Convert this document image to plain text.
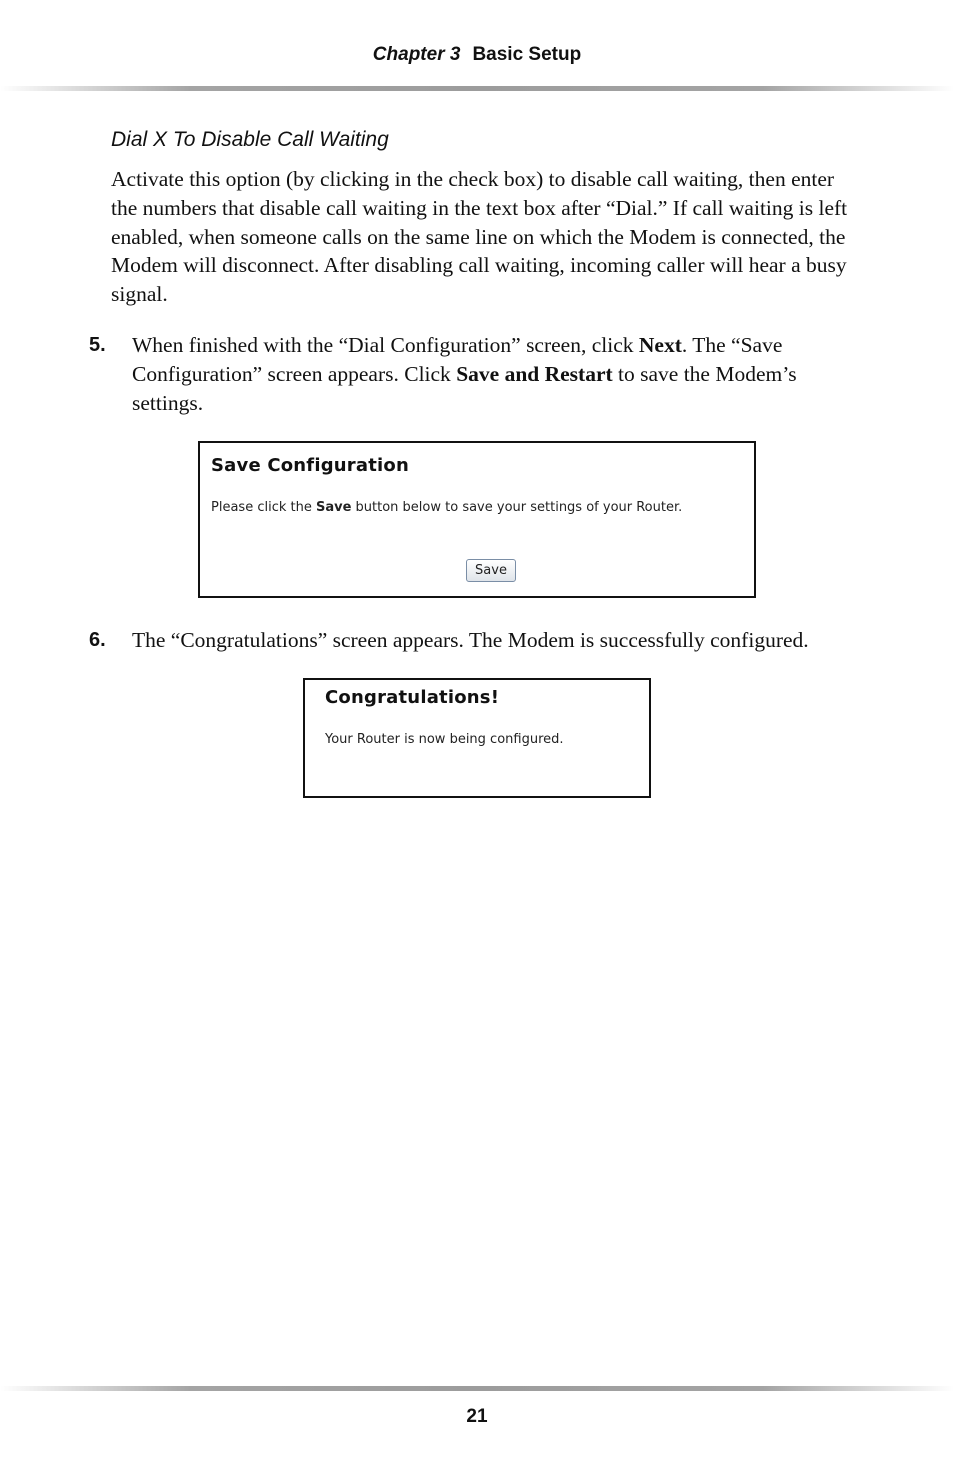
Chapter 3 Basic Setup
Dial X To Disable Call Waiting
Activate this option (by clicking in the check box) to disable call waiting, then enter the numbers that disable call waiting in the text box after “Dial.” If call waiting is left enabled, when someone calls on the same line on which the Modem is connected, the Modem will disconnect. After disabling call waiting, incoming caller will hear a busy signal.
5. When finished with the “Dial Configuration” screen, click Next. The “Save Configuration” screen appears. Click Save and Restart to save the Modem’s settings.
Save Configuration
Please click the Save button below to save your settings of your Router.
Save
6. The “Congratulations” screen appears. The Modem is successfully configured.
Congratulations!
Your Router is now being configured.
21
